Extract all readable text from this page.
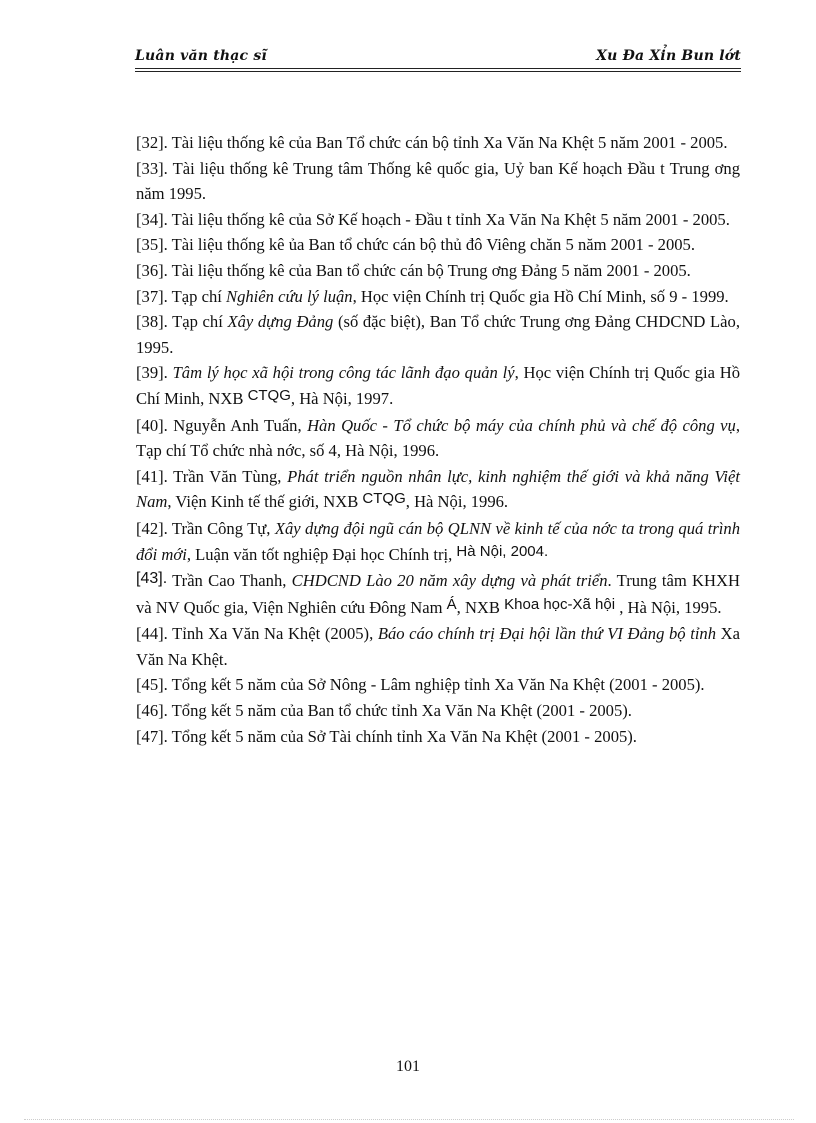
Luân văn thạc sĩ	Xu Đa Xỉn Bun lớt

[32]. Tài liệu thống kê của Ban Tổ chức cán bộ tỉnh Xa Văn Na Khệt 5 năm 2001 - 2005.

[33]. Tài liệu thống kê Trung tâm Thống kê quốc gia, Uỷ ban Kế hoạch Đầu t Trung ơng năm 1995.

[34]. Tài liệu thống kê của Sở Kế hoạch - Đầu t tỉnh Xa Văn Na Khệt 5 năm 2001 - 2005.

[35]. Tài liệu thống kê ủa Ban tổ chức cán bộ thủ đô Viêng chăn 5 năm 2001 - 2005.

[36]. Tài liệu thống kê của Ban tổ chức cán bộ Trung ơng Đảng 5 năm 2001 - 2005.

[37]. Tạp chí Nghiên cứu lý luận, Học viện Chính trị Quốc gia Hồ Chí Minh, số 9 - 1999.

[38]. Tạp chí Xây dựng Đảng (số đặc biệt), Ban Tổ chức Trung ơng Đảng CHDCND Lào, 1995.

[39]. Tâm lý học xã hội trong công tác lãnh đạo quản lý, Học viện Chính trị Quốc gia Hồ Chí Minh, NXB CTQG, Hà Nội, 1997.

[40]. Nguyễn Anh Tuấn, Hàn Quốc - Tổ chức bộ máy của chính phủ và chế độ công vụ, Tạp chí Tổ chức nhà nớc, số 4, Hà Nội, 1996.

[41]. Trần Văn Tùng, Phát triển nguồn nhân lực, kinh nghiệm thế giới và khả năng Việt Nam, Viện Kinh tế thế giới, NXB CTQG, Hà Nội, 1996.

[42]. Trần Công Tự, Xây dựng đội ngũ cán bộ QLNN về kinh tế của nớc ta trong quá trình đổi mới, Luận văn tốt nghiệp Đại học Chính trị, Hà Nội, 2004.

[43]. Trần Cao Thanh, CHDCND Lào 20 năm xây dựng và phát triển. Trung tâm KHXH và NV Quốc gia, Viện Nghiên cứu Đông Nam Á, NXB Khoa học-Xã hội , Hà Nội, 1995.

[44]. Tỉnh Xa Văn Na Khệt (2005), Báo cáo chính trị Đại hội lần thứ VI Đảng bộ tỉnh Xa Văn Na Khệt.

[45]. Tổng kết 5 năm của Sở Nông - Lâm nghiệp tỉnh Xa Văn Na Khệt (2001 - 2005).

[46]. Tổng kết 5 năm của Ban tổ chức tỉnh Xa Văn Na Khệt (2001 - 2005).

[47]. Tổng kết 5 năm của Sở Tài chính tỉnh Xa Văn Na Khệt (2001 - 2005).

101
